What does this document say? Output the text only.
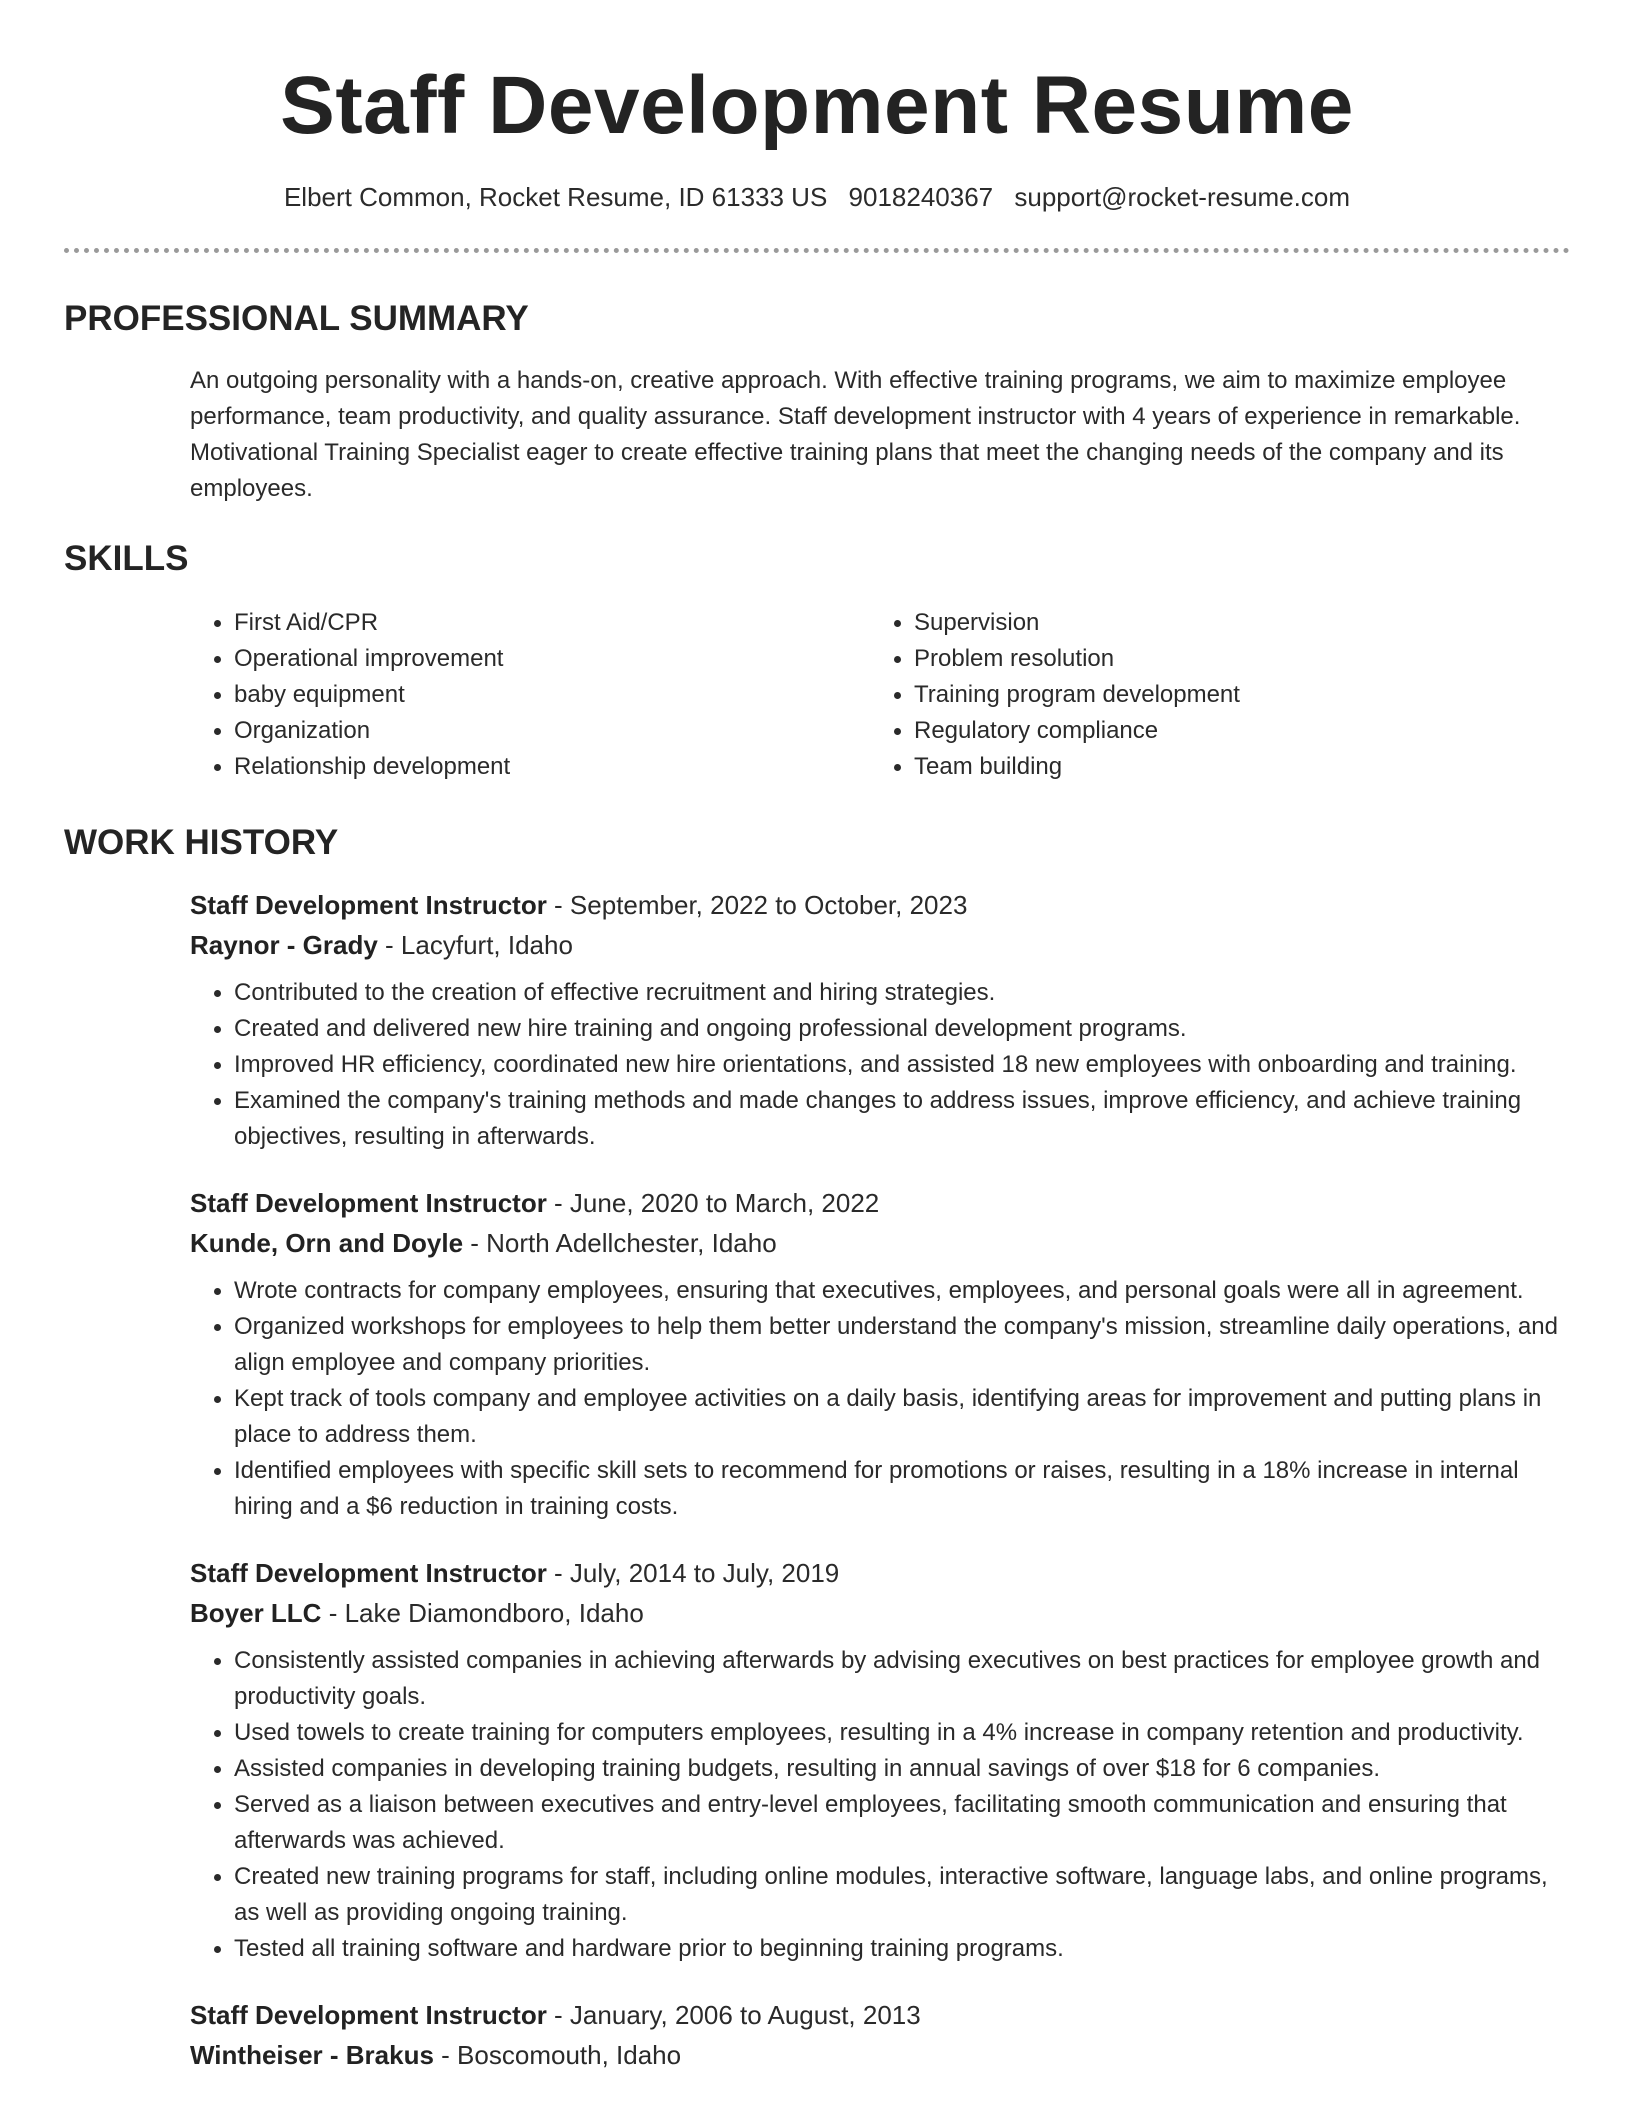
Staff Development Resume
Elbert Common, Rocket Resume, ID 61333 US 9018240367 support@rocket-resume.com
PROFESSIONAL SUMMARY
An outgoing personality with a hands-on, creative approach. With effective training programs, we aim to maximize employee performance, team productivity, and quality assurance. Staff development instructor with 4 years of experience in remarkable. Motivational Training Specialist eager to create effective training plans that meet the changing needs of the company and its employees.
SKILLS
• First Aid/CPR
• Operational improvement
• baby equipment
• Organization
• Relationship development
• Supervision
• Problem resolution
• Training program development
• Regulatory compliance
• Team building
WORK HISTORY
Staff Development Instructor - September, 2022 to October, 2023
Raynor - Grady - Lacyfurt, Idaho
• Contributed to the creation of effective recruitment and hiring strategies.
• Created and delivered new hire training and ongoing professional development programs.
• Improved HR efficiency, coordinated new hire orientations, and assisted 18 new employees with onboarding and training.
• Examined the company's training methods and made changes to address issues, improve efficiency, and achieve training objectives, resulting in afterwards.
Staff Development Instructor - June, 2020 to March, 2022
Kunde, Orn and Doyle - North Adellchester, Idaho
• Wrote contracts for company employees, ensuring that executives, employees, and personal goals were all in agreement.
• Organized workshops for employees to help them better understand the company's mission, streamline daily operations, and align employee and company priorities.
• Kept track of tools company and employee activities on a daily basis, identifying areas for improvement and putting plans in place to address them.
• Identified employees with specific skill sets to recommend for promotions or raises, resulting in a 18% increase in internal hiring and a $6 reduction in training costs.
Staff Development Instructor - July, 2014 to July, 2019
Boyer LLC - Lake Diamondboro, Idaho
• Consistently assisted companies in achieving afterwards by advising executives on best practices for employee growth and productivity goals.
• Used towels to create training for computers employees, resulting in a 4% increase in company retention and productivity.
• Assisted companies in developing training budgets, resulting in annual savings of over $18 for 6 companies.
• Served as a liaison between executives and entry-level employees, facilitating smooth communication and ensuring that afterwards was achieved.
• Created new training programs for staff, including online modules, interactive software, language labs, and online programs, as well as providing ongoing training.
• Tested all training software and hardware prior to beginning training programs.
Staff Development Instructor - January, 2006 to August, 2013
Wintheiser - Brakus - Boscomouth, Idaho
